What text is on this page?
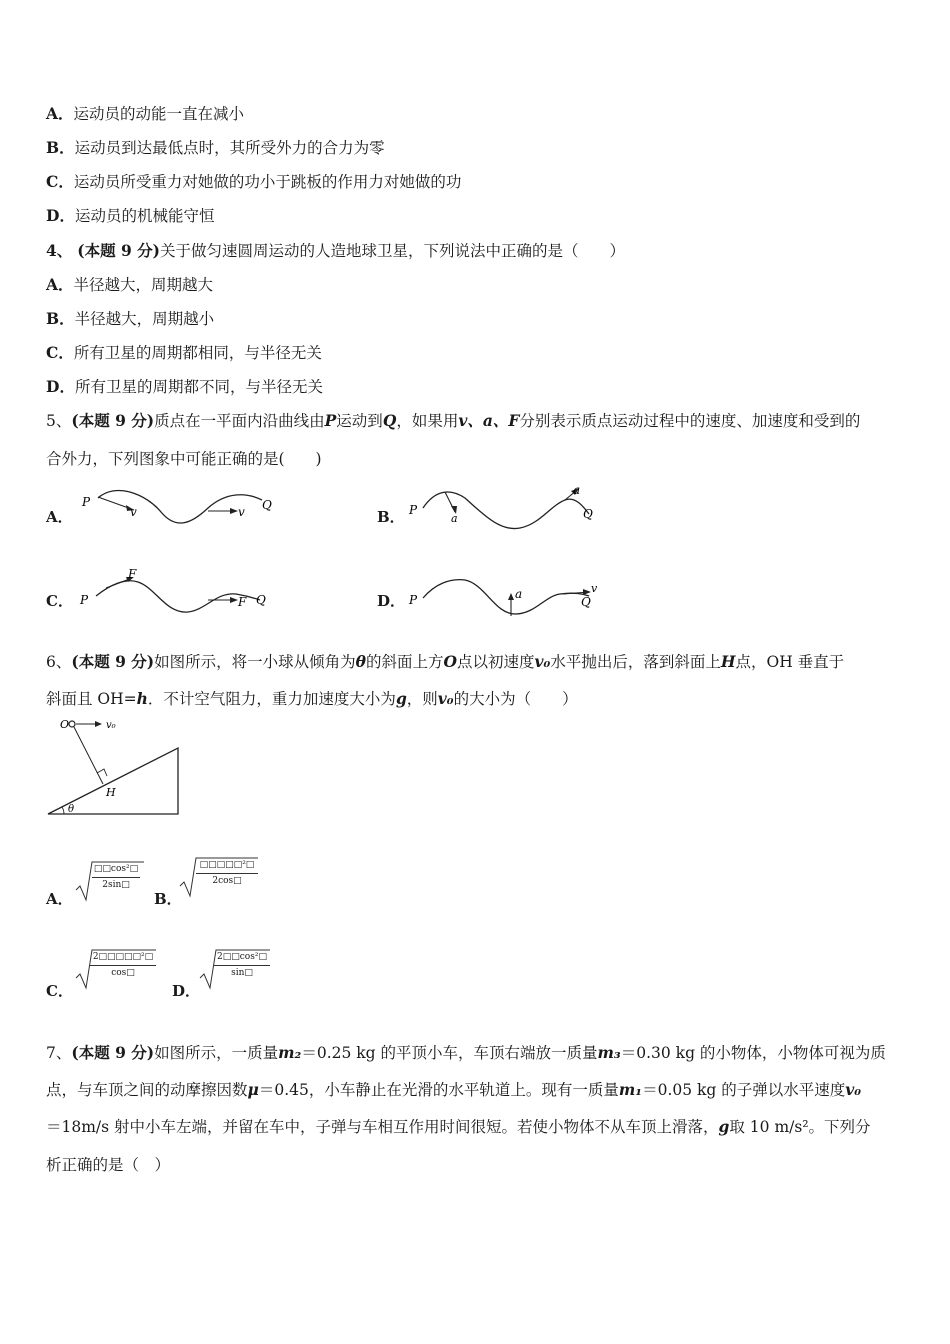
A．运动员的动能一直在减小
B．运动员到达最低点时，其所受外力的合力为零
C．运动员所受重力对她做的功小于跳板的作用力对她做的功
D．运动员的机械能守恒
4、 (本题 9 分)关于做匀速圆周运动的人造地球卫星，下列说法中正确的是（　　）
A．半径越大，周期越大
B．半径越大，周期越小
C．所有卫星的周期都相同，与半径无关
D．所有卫星的周期都不同，与半径无关
5、(本题 9 分)质点在一平面内沿曲线由P运动到Q，如果用v、a、F分别表示质点运动过程中的速度、加速度和受到的
合外力，下列图象中可能正确的是(　　)
A．
P
v	v Q
B． P
a
a
Q
C． P
F
F Q	D． P	a	v
Q
6、(本题 9 分)如图所示，将一小球从倾角为θ的斜面上方O点以初速度v₀水平抛出后，落到斜面上H点，OH 垂直于
斜面且 OH=h．不计空气阻力，重力加速度大小为g，则v₀的大小为（　　）
O	v₀
H
θ
A．
□□cos²□
2sin□
B．
□□□□□²□
2cos□
C．
2□□□□□²□
cos□
D．
2□□cos²□
sin□
7、(本题 9 分)如图所示，一质量m₂＝0.25 kg 的平顶小车，车顶右端放一质量m₃＝0.30 kg 的小物体，小物体可视为质
点，与车顶之间的动摩擦因数μ＝0.45，小车静止在光滑的水平轨道上。现有一质量m₁＝0.05 kg 的子弹以水平速度v₀
＝18m/s 射中小车左端，并留在车中，子弹与车相互作用时间很短。若使小物体不从车顶上滑落，g取 10 m/s²。下列分
析正确的是（　）
